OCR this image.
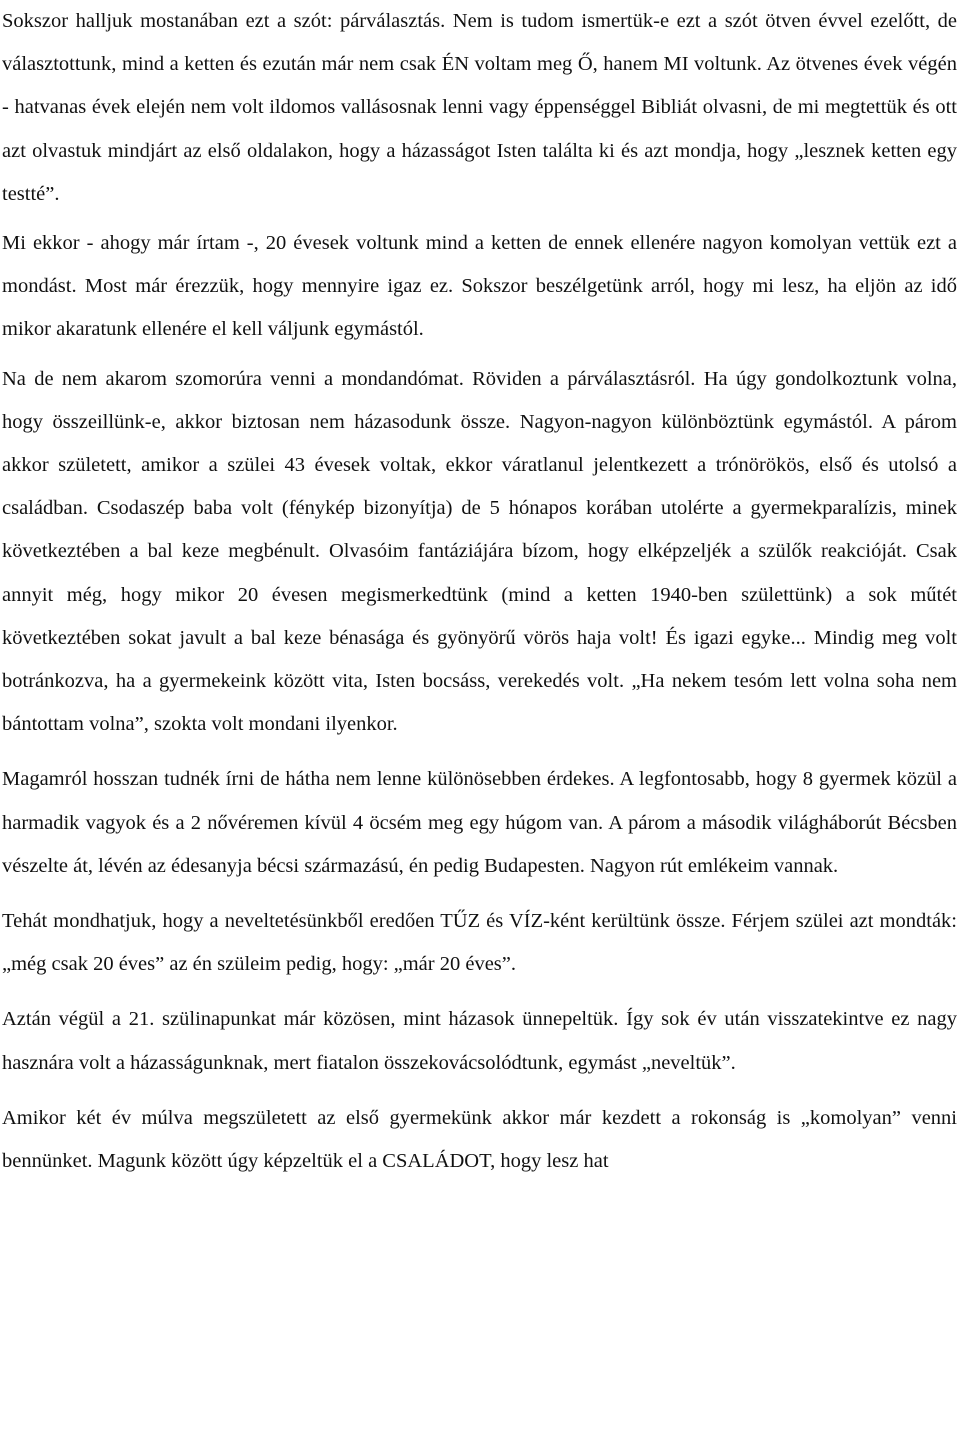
Sokszor halljuk mostanában ezt a szót: párválasztás. Nem is tudom ismertük-e ezt a szót ötven évvel ezelőtt, de választottunk, mind a ketten és ezután már nem csak ÉN voltam meg Ő, hanem MI voltunk. Az ötvenes évek végén - hatvanas évek elején nem volt ildomos vallásosnak lenni vagy éppenséggel Bibliát olvasni, de mi megtettük és ott azt olvastuk mindjárt az első oldalakon, hogy a házasságot Isten találta ki és azt mondja, hogy „lesznek ketten egy testté”.

Mi ekkor - ahogy már írtam -, 20 évesek voltunk mind a ketten de ennek ellenére nagyon komolyan vettük ezt a mondást. Most már érezzük, hogy mennyire igaz ez. Sokszor beszélgetünk arról, hogy mi lesz, ha eljön az idő mikor akaratunk ellenére el kell váljunk egymástól.

Na de nem akarom szomorúra venni a mondandómat. Röviden a párválasztásról. Ha úgy gondolkoztunk volna, hogy összeillünk-e, akkor biztosan nem házasodunk össze. Nagyon-nagyon különböztünk egymástól. A párom akkor született, amikor a szülei 43 évesek voltak, ekkor váratlanul jelentkezett a trónörökös, első és utolsó a családban. Csodaszép baba volt (fénykép bizonyítja) de 5 hónapos korában utolérte a gyermekparalízis, minek következtében a bal keze megbénult. Olvasóim fantáziájára bízom, hogy elképzeljék a szülők reakcióját. Csak annyit még, hogy mikor 20 évesen megismerkedtünk (mind a ketten 1940-ben születtünk) a sok műtét következtében sokat javult a bal keze bénasága és gyönyörű vörös haja volt! És igazi egyke... Mindig meg volt botránkozva, ha a gyermekeink között vita, Isten bocsáss, verekedés volt. „Ha nekem tesóm lett volna soha nem bántottam volna”, szokta volt mondani ilyenkor.

Magamról hosszan tudnék írni de hátha nem lenne különösebben érdekes. A legfontosabb, hogy 8 gyermek közül a harmadik vagyok és a 2 nővéremen kívül 4 öcsém meg egy húgom van. A párom a második világháborút Bécsben vészelte át, lévén az édesanyja bécsi származású, én pedig Budapesten. Nagyon rút emlékeim vannak.

Tehát mondhatjuk, hogy a neveltetésünkből eredően TŰZ és VÍZ-ként kerültünk össze. Férjem szülei azt mondták: „még csak 20 éves” az én szüleim pedig, hogy: „már 20 éves”.

Aztán végül a 21. szülinapunkat már közösen, mint házasok ünnepeltük. Így sok év után visszatekintve ez nagy hasznára volt a házasságunknak, mert fiatalon összekovácsolódtunk, egymást „neveltük”.

Amikor két év múlva megszületett az első gyermekünk akkor már kezdett a rokonság is „komolyan” venni bennünket. Magunk között úgy képzeltük el a CSALÁDOT, hogy lesz hat
